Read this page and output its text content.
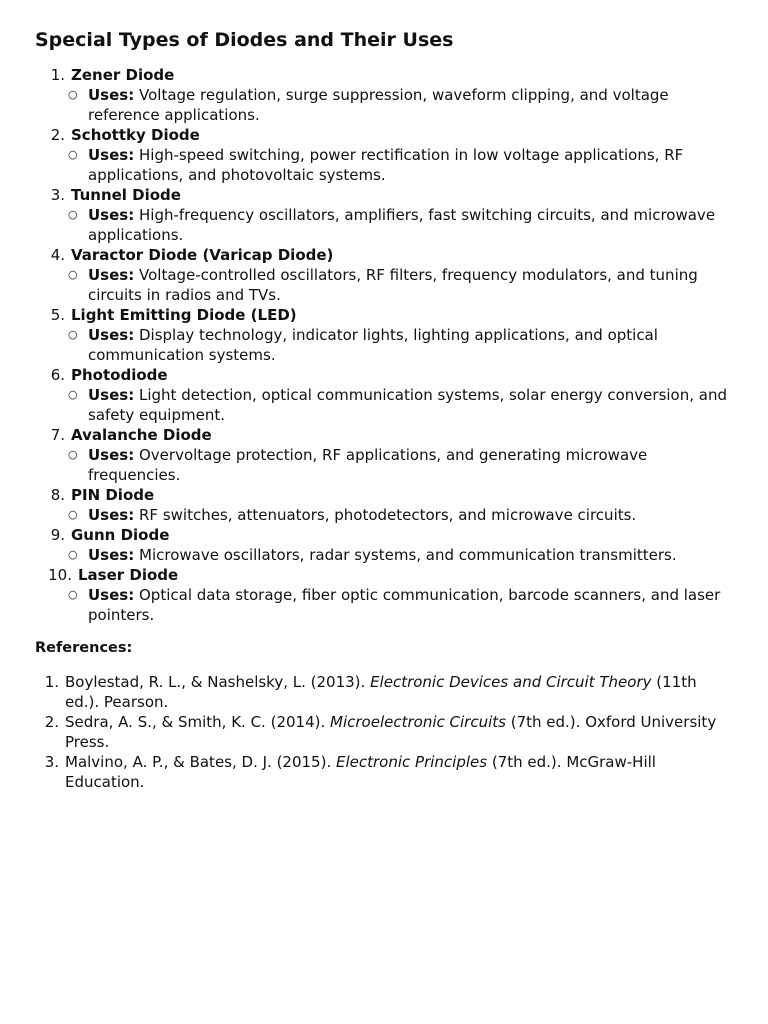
Special Types of Diodes and Their Uses
1. Zener Diode
○ Uses: Voltage regulation, surge suppression, waveform clipping, and voltage reference applications.
2. Schottky Diode
○ Uses: High-speed switching, power rectification in low voltage applications, RF applications, and photovoltaic systems.
3. Tunnel Diode
○ Uses: High-frequency oscillators, amplifiers, fast switching circuits, and microwave applications.
4. Varactor Diode (Varicap Diode)
○ Uses: Voltage-controlled oscillators, RF filters, frequency modulators, and tuning circuits in radios and TVs.
5. Light Emitting Diode (LED)
○ Uses: Display technology, indicator lights, lighting applications, and optical communication systems.
6. Photodiode
○ Uses: Light detection, optical communication systems, solar energy conversion, and safety equipment.
7. Avalanche Diode
○ Uses: Overvoltage protection, RF applications, and generating microwave frequencies.
8. PIN Diode
○ Uses: RF switches, attenuators, photodetectors, and microwave circuits.
9. Gunn Diode
○ Uses: Microwave oscillators, radar systems, and communication transmitters.
10. Laser Diode
○ Uses: Optical data storage, fiber optic communication, barcode scanners, and laser pointers.
References:
1. Boylestad, R. L., & Nashelsky, L. (2013). Electronic Devices and Circuit Theory (11th ed.). Pearson.
2. Sedra, A. S., & Smith, K. C. (2014). Microelectronic Circuits (7th ed.). Oxford University Press.
3. Malvino, A. P., & Bates, D. J. (2015). Electronic Principles (7th ed.). McGraw-Hill Education.
